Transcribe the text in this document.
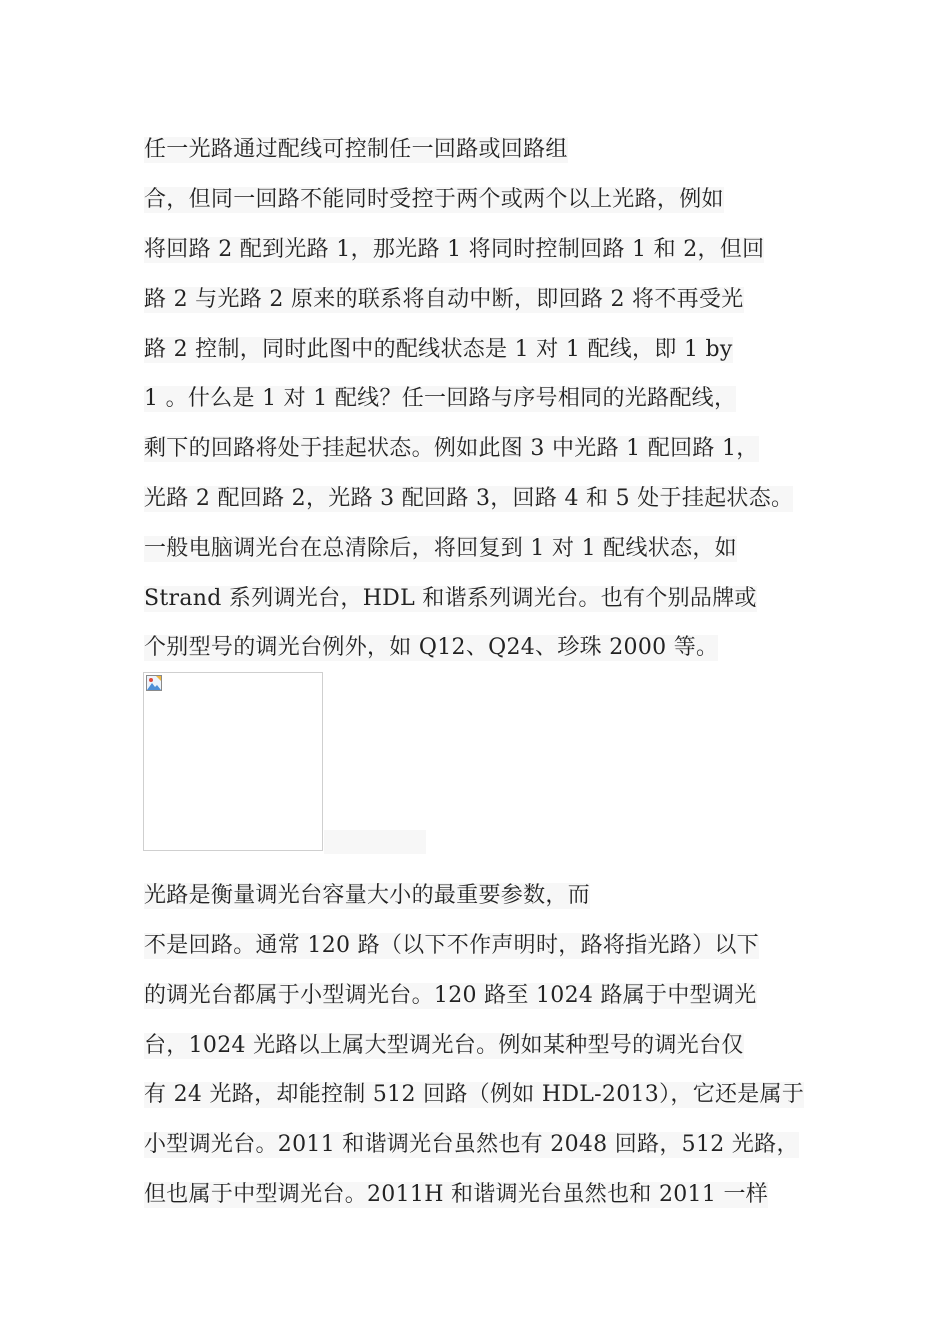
任一光路通过配线可控制任一回路或回路组
合，但同一回路不能同时受控于两个或两个以上光路，例如
将回路 2 配到光路 1，那光路 1 将同时控制回路 1 和 2，但回
路 2 与光路 2 原来的联系将自动中断，即回路 2 将不再受光
路 2 控制，同时此图中的配线状态是 1 对 1 配线，即 1 by
1 。什么是 1 对 1 配线？任一回路与序号相同的光路配线，
剩下的回路将处于挂起状态。例如此图 3 中光路 1 配回路 1，
光路 2 配回路 2，光路 3 配回路 3，回路 4 和 5 处于挂起状态。
一般电脑调光台在总清除后，将回复到 1 对 1 配线状态，如
Strand 系列调光台，HDL 和谐系列调光台。也有个别品牌或
个别型号的调光台例外，如 Q12、Q24、珍珠 2000 等。
光路是衡量调光台容量大小的最重要参数，而
不是回路。通常 120 路（以下不作声明时，路将指光路）以下
的调光台都属于小型调光台。120 路至 1024 路属于中型调光
台，1024 光路以上属大型调光台。例如某种型号的调光台仅
有 24 光路，却能控制 512 回路（例如 HDL-2013），它还是属于
小型调光台。2011 和谐调光台虽然也有 2048 回路，512 光路，
但也属于中型调光台。2011H 和谐调光台虽然也和 2011 一样
